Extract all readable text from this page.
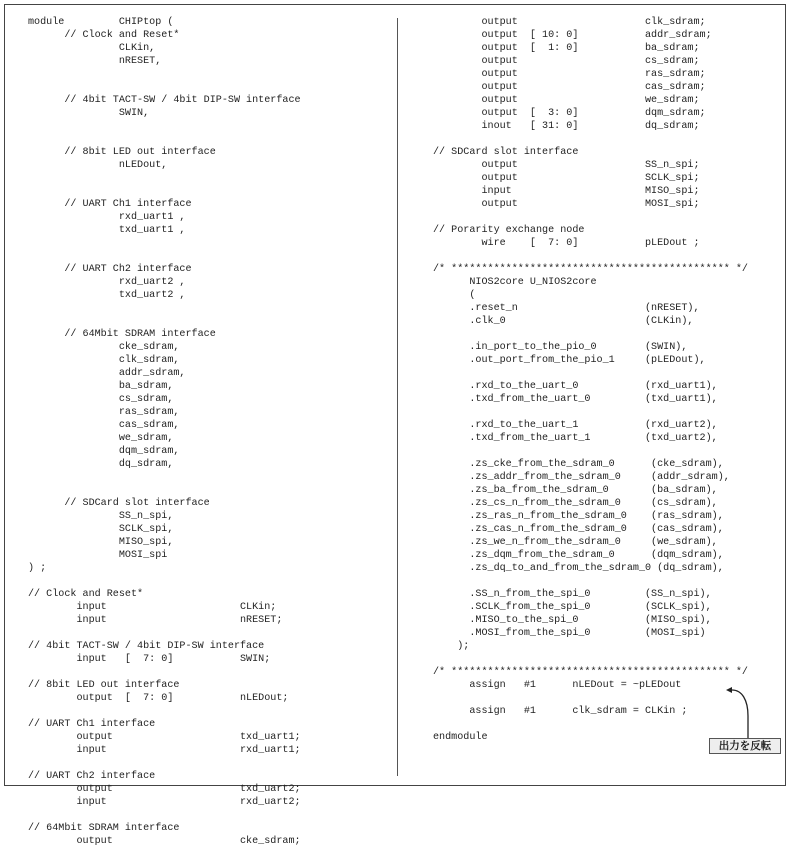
module         CHIPtop (
// Clock and Reset*
CLKin,
nRESET,
// 4bit TACT-SW / 4bit DIP-SW interface
SWIN,
// 8bit LED out interface
nLEDout,
// UART Ch1 interface
rxd_uart1 ,
txd_uart1 ,
// UART Ch2 interface
rxd_uart2 ,
txd_uart2 ,
// 64Mbit SDRAM interface
cke_sdram,
clk_sdram,
addr_sdram,
ba_sdram,
cs_sdram,
ras_sdram,
cas_sdram,
we_sdram,
dqm_sdram,
dq_sdram,
// SDCard slot interface
SS_n_spi,
SCLK_spi,
MISO_spi,
MOSI_spi
) ;
// Clock and Reset*
input                      CLKin;
input                      nRESET;
// 4bit TACT-SW / 4bit DIP-SW interface
input   [  7: 0]           SWIN;
// 8bit LED out interface
output  [  7: 0]           nLEDout;
// UART Ch1 interface
output                     txd_uart1;
input                      rxd_uart1;
// UART Ch2 interface
output                     txd_uart2;
input                      rxd_uart2;
// 64Mbit SDRAM interface
output                     cke_sdram;
output                     clk_sdram;
output  [ 10: 0]           addr_sdram;
output  [  1: 0]           ba_sdram;
output                     cs_sdram;
output                     ras_sdram;
output                     cas_sdram;
output                     we_sdram;
output  [  3: 0]           dqm_sdram;
inout   [ 31: 0]           dq_sdram;
// SDCard slot interface
output                     SS_n_spi;
output                     SCLK_spi;
input                      MISO_spi;
output                     MOSI_spi;
// Porarity exchange node
wire    [  7: 0]           pLEDout ;
/* ********************************************** */
NIOS2core U_NIOS2core
(
.reset_n                     (nRESET),
.clk_0                       (CLKin),
.in_port_to_the_pio_0        (SWIN),
.out_port_from_the_pio_1     (pLEDout),
.rxd_to_the_uart_0           (rxd_uart1),
.txd_from_the_uart_0         (txd_uart1),
.rxd_to_the_uart_1           (rxd_uart2),
.txd_from_the_uart_1         (txd_uart2),
.zs_cke_from_the_sdram_0      (cke_sdram),
.zs_addr_from_the_sdram_0     (addr_sdram),
.zs_ba_from_the_sdram_0       (ba_sdram),
.zs_cs_n_from_the_sdram_0     (cs_sdram),
.zs_ras_n_from_the_sdram_0    (ras_sdram),
.zs_cas_n_from_the_sdram_0    (cas_sdram),
.zs_we_n_from_the_sdram_0     (we_sdram),
.zs_dqm_from_the_sdram_0      (dqm_sdram),
.zs_dq_to_and_from_the_sdram_0 (dq_sdram),
.SS_n_from_the_spi_0         (SS_n_spi),
.SCLK_from_the_spi_0         (SCLK_spi),
.MISO_to_the_spi_0           (MISO_spi),
.MOSI_from_the_spi_0         (MOSI_spi)
);
/* ********************************************** */
assign   #1      nLEDout = ~pLEDout
assign   #1      clk_sdram = CLKin ;
endmodule
出力を反転
